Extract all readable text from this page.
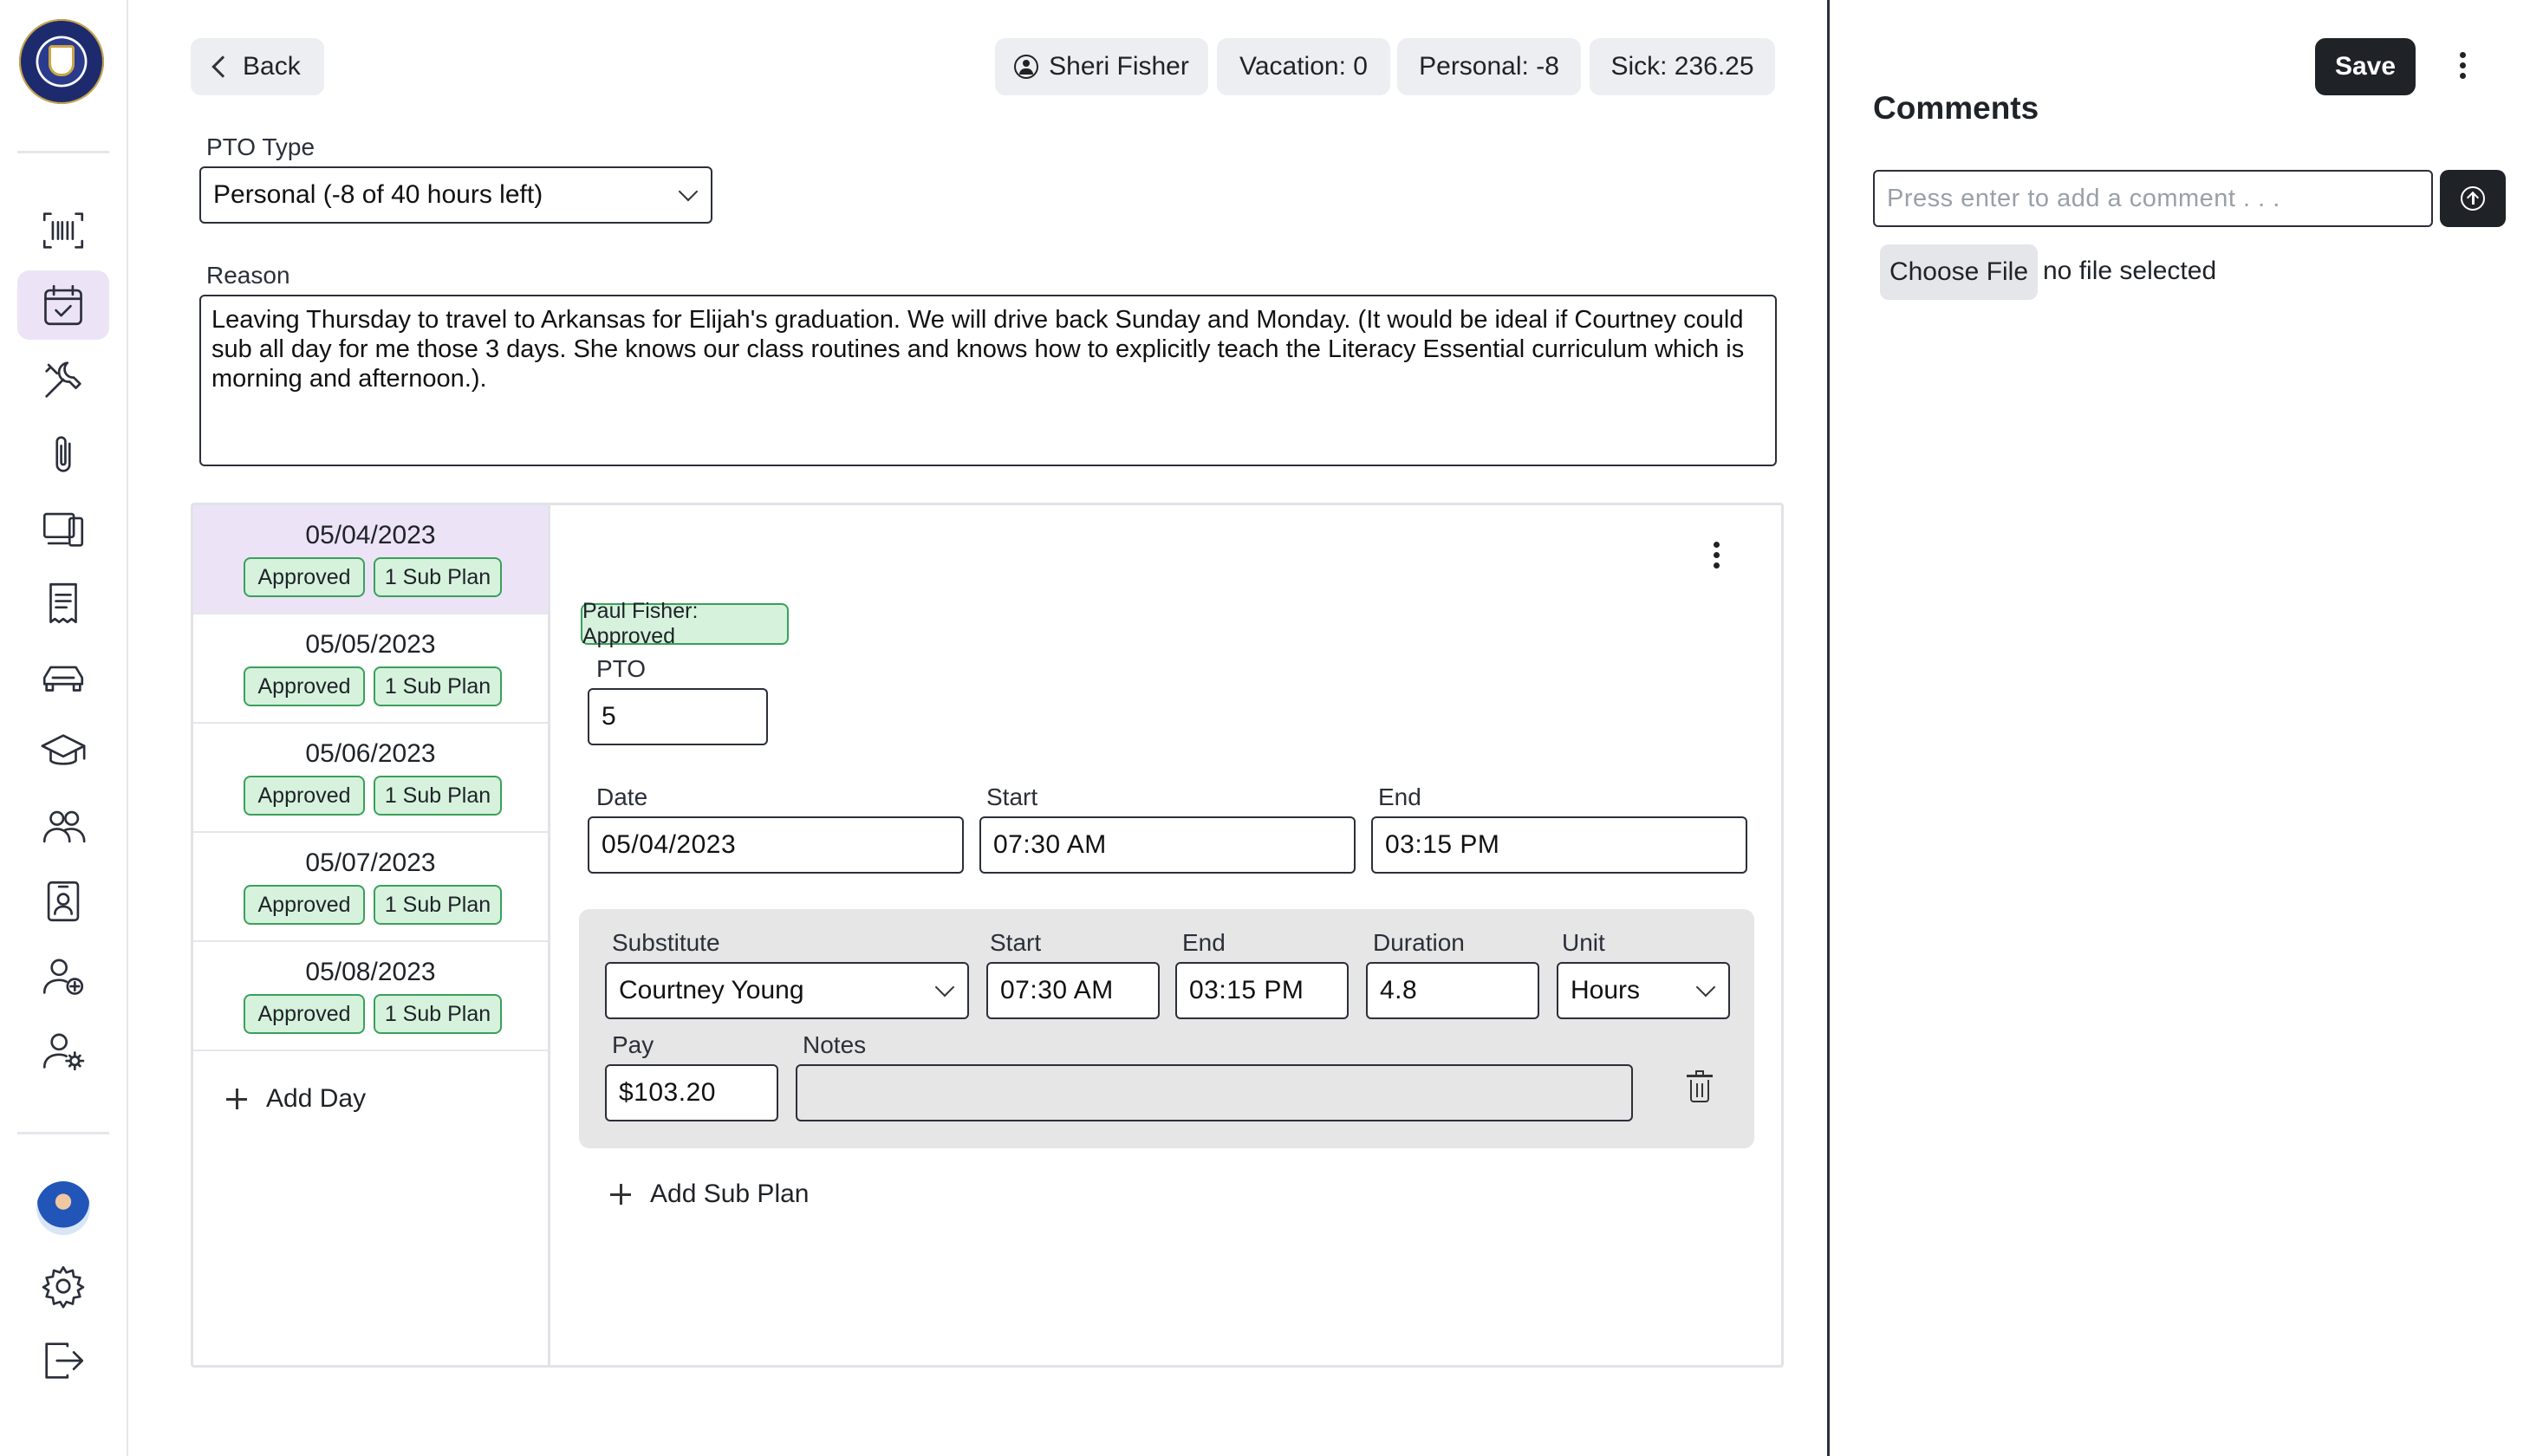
Back	Sheri Fisher Vacation: 0 Personal: -8 Sick: 236.25
PTO Type
Personal (-8 of 40 hours left)
Reason
Leaving Thursday to travel to Arkansas for Elijah's graduation. We will drive back Sunday and Monday. (It would be ideal if Courtney could sub all day for me those 3 days. She knows our class routines and knows how to explicitly teach the Literacy Essential curriculum which is morning and afternoon.).
05/04/2023
Approved	1 Sub Plan
05/05/2023
Approved	1 Sub Plan
05/06/2023
Approved	1 Sub Plan
05/07/2023
Approved	1 Sub Plan
05/08/2023
Approved	1 Sub Plan
Add Day
Paul Fisher: Approved
PTO
5
Date
05/04/2023
Start
07:30 AM
End
03:15 PM
Substitute
Courtney Young
Start
07:30 AM
End
03:15 PM
Duration
4.8
Unit
Hours
Pay
$103.20
Notes
Add Sub Plan
Save
Comments
Press enter to add a comment . . .
Choose File no file selected
